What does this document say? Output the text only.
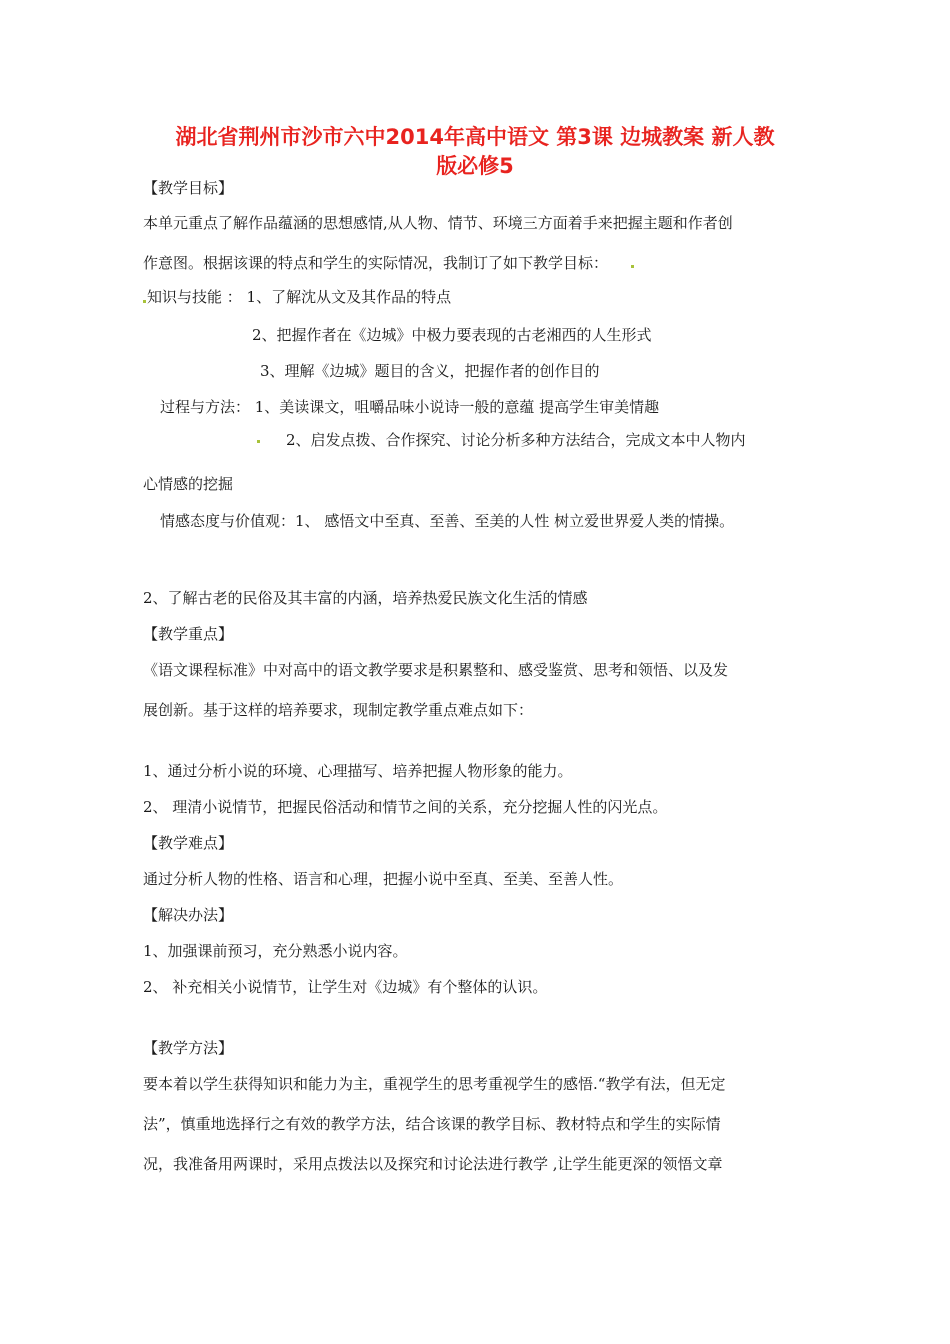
湖北省荆州市沙市六中2014年高中语文 第3课 边城教案 新人教
版必修5
【教学目标】
本单元重点了解作品蕴涵的思想感情,从人物、情节、环境三方面着手来把握主题和作者创
作意图。根据该课的特点和学生的实际情况，我制订了如下教学目标：
知识与技能 ： 1、了解沈从文及其作品的特点
2、把握作者在《边城》中极力要表现的古老湘西的人生形式
3、理解《边城》题目的含义，把握作者的创作目的
过程与方法： 1、美读课文，咀嚼品味小说诗一般的意蕴 提高学生审美情趣
2、启发点拨、合作探究、讨论分析多种方法结合，完成文本中人物内
心情感的挖掘
情感态度与价值观：1、 感悟文中至真、至善、至美的人性 树立爱世界爱人类的情操。
2、了解古老的民俗及其丰富的内涵，培养热爱民族文化生活的情感
【教学重点】
《语文课程标准》中对高中的语文教学要求是积累整和、感受鉴赏、思考和领悟、以及发
展创新。基于这样的培养要求，现制定教学重点难点如下：
1、通过分析小说的环境、心理描写、培养把握人物形象的能力。
2、 理清小说情节，把握民俗活动和情节之间的关系，充分挖掘人性的闪光点。
【教学难点】
通过分析人物的性格、语言和心理，把握小说中至真、至美、至善人性。
【解决办法】
1、加强课前预习，充分熟悉小说内容。
2、 补充相关小说情节，让学生对《边城》有个整体的认识。
【教学方法】
要本着以学生获得知识和能力为主，重视学生的思考重视学生的感悟.“教学有法，但无定
法”，慎重地选择行之有效的教学方法，结合该课的教学目标、教材特点和学生的实际情
况，我准备用两课时，采用点拨法以及探究和讨论法进行教学 ,让学生能更深的领悟文章
